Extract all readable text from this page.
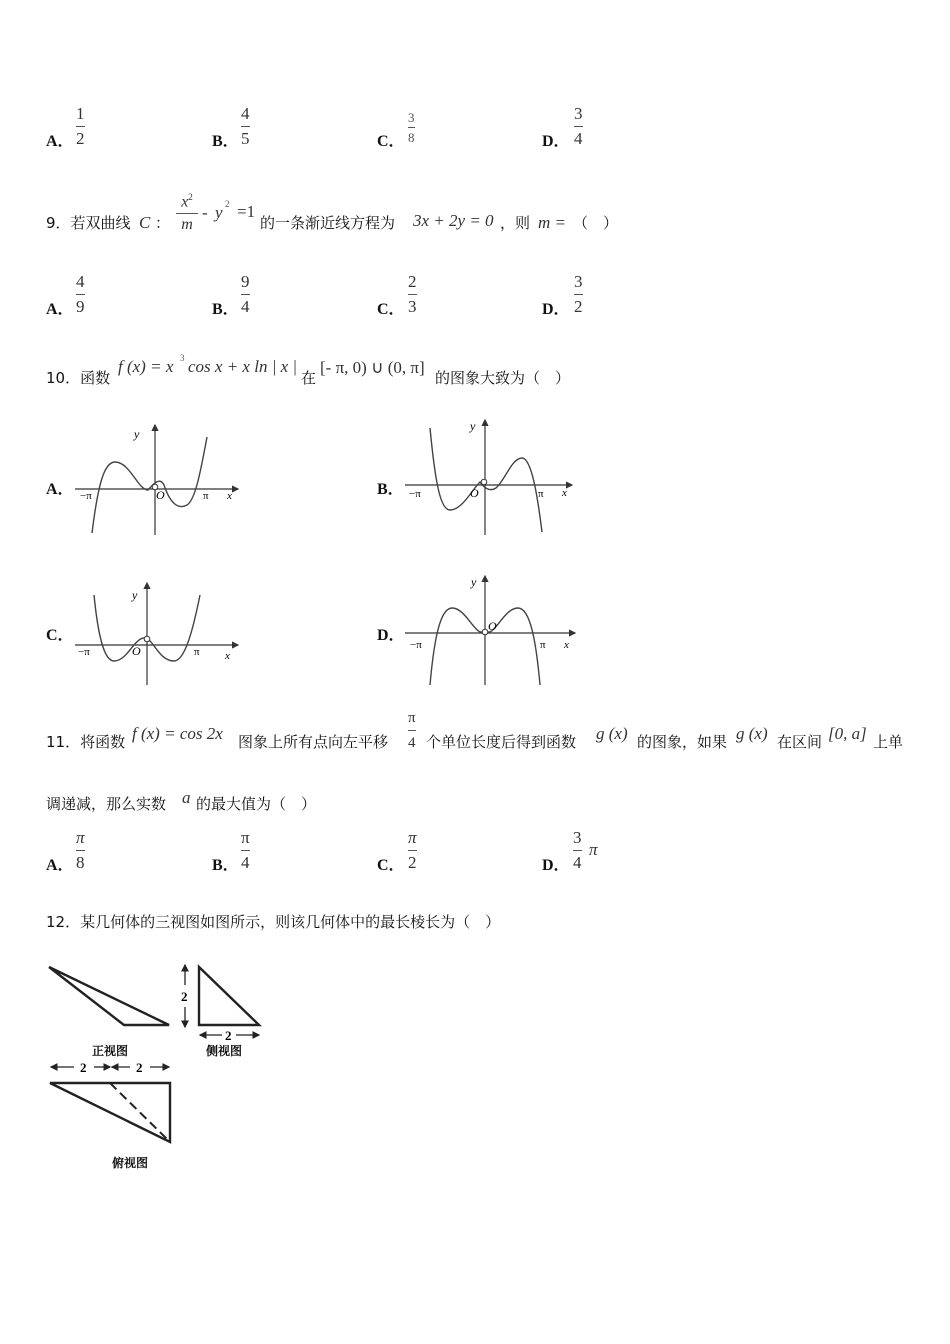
A．
1
2	B．
4
5	C．
3
8	D．
3
4
9．若双曲线 C ：
$x^2$
m
- y 2 =1
的一条渐近线方程为 3x + 2y = 0 ，则 m = （　）
A．
4
9	B．
9
4	C．
2
3	D．
3
2
10．函数
f (x) = x 3 cos x + x ln | x |
在
[- π, 0) ∪ (0, π]
的图象大致为（　）
A．	B．
C．	D．
y
x
O
−π	π
y
x
O
−π	π
y
x
O
−π	π
y
x
O
−π	π
11．将函数 f (x) = cos 2x 图象上所有点向左平移
π
4 个单位长度后得到函数 g (x) 的图象，如果 g (x) 在区间 [0, a] 上单
调递减，那么实数 a 的最大值为（　）
A．
π
8	B．
π
4	C．
π
2	D．
3
4
π
12．某几何体的三视图如图所示，则该几何体中的最长棱长为（　）
2
2
2	2
正视图	侧视图
俯视图
